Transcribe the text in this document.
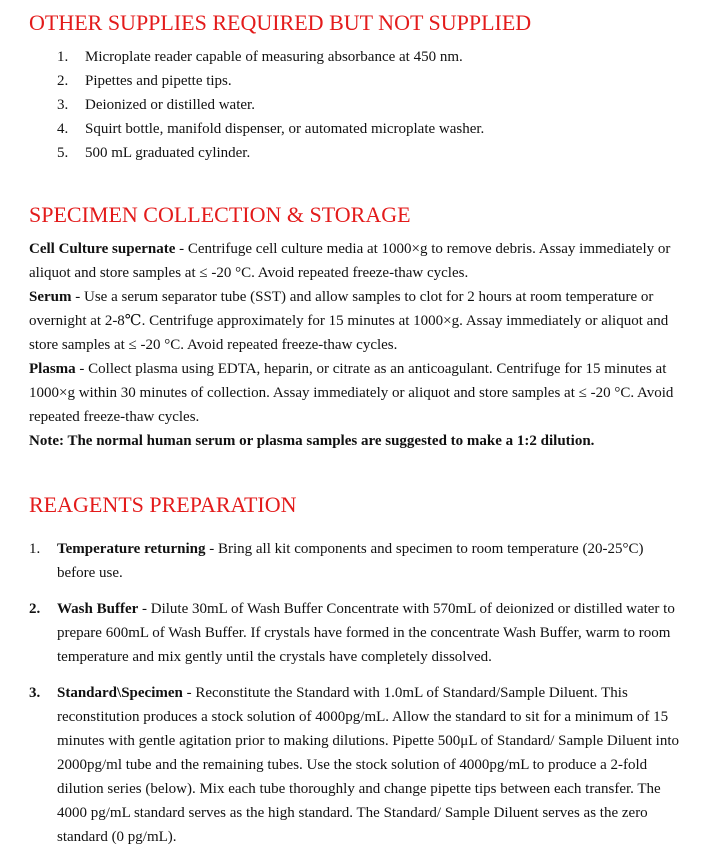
OTHER SUPPLIES REQUIRED BUT NOT SUPPLIED
1. Microplate reader capable of measuring absorbance at 450 nm.
2. Pipettes and pipette tips.
3. Deionized or distilled water.
4. Squirt bottle, manifold dispenser, or automated microplate washer.
5. 500 mL graduated cylinder.
SPECIMEN COLLECTION & STORAGE

Cell Culture supernate - Centrifuge cell culture media at 1000×g to remove debris. Assay immediately or aliquot and store samples at ≤ -20 °C. Avoid repeated freeze-thaw cycles.

Serum - Use a serum separator tube (SST) and allow samples to clot for 2 hours at room temperature or overnight at 2-8℃. Centrifuge approximately for 15 minutes at 1000×g. Assay immediately or aliquot and store samples at ≤ -20 °C. Avoid repeated freeze-thaw cycles.

Plasma - Collect plasma using EDTA, heparin, or citrate as an anticoagulant. Centrifuge for 15 minutes at 1000×g within 30 minutes of collection. Assay immediately or aliquot and store samples at ≤ -20 °C. Avoid repeated freeze-thaw cycles.

Note: The normal human serum or plasma samples are suggested to make a 1:2 dilution.

REAGENTS PREPARATION
1. Temperature returning - Bring all kit components and specimen to room temperature (20-25°C) before use.
2. Wash Buffer - Dilute 30mL of Wash Buffer Concentrate with 570mL of deionized or distilled water to prepare 600mL of Wash Buffer. If crystals have formed in the concentrate Wash Buffer, warm to room temperature and mix gently until the crystals have completely dissolved.
3. Standard\Specimen - Reconstitute the Standard with 1.0mL of Standard/Sample Diluent. This reconstitution produces a stock solution of 4000pg/mL. Allow the standard to sit for a minimum of 15 minutes with gentle agitation prior to making dilutions. Pipette 500μL of Standard/ Sample Diluent into 2000pg/ml tube and the remaining tubes. Use the stock solution of 4000pg/mL to produce a 2-fold dilution series (below). Mix each tube thoroughly and change pipette tips between each transfer. The 4000 pg/mL standard serves as the high standard. The Standard/ Sample Diluent serves as the zero standard (0 pg/mL).
